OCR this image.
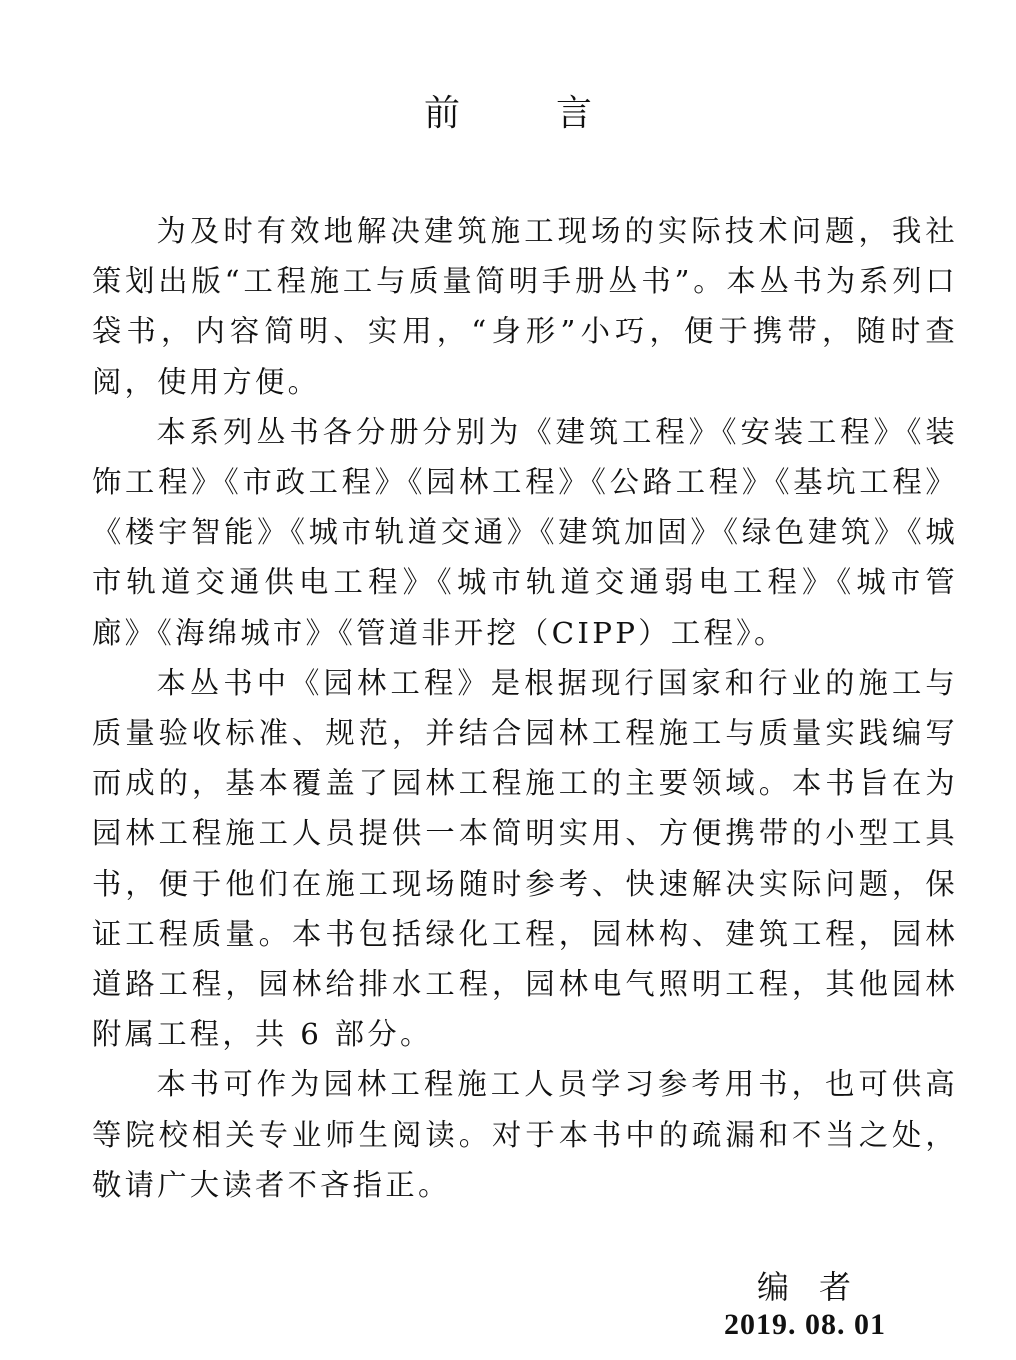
前	言

为及时有效地解决建筑施工现场的实际技术问题，我社策划出版“工程施工与质量简明手册丛书”。本丛书为系列口袋书，内容简明、实用，“身形”小巧，便于携带，随时查阅，使用方便。

本系列丛书各分册分别为《建筑工程》《安装工程》《装饰工程》《市政工程》《园林工程》《公路工程》《基坑工程》《楼宇智能》《城市轨道交通》《建筑加固》《绿色建筑》《城市轨道交通供电工程》《城市轨道交通弱电工程》《城市管廊》《海绵城市》《管道非开挖（CIPP）工程》。

本丛书中《园林工程》是根据现行国家和行业的施工与质量验收标准、规范，并结合园林工程施工与质量实践编写而成的，基本覆盖了园林工程施工的主要领域。本书旨在为园林工程施工人员提供一本简明实用、方便携带的小型工具书，便于他们在施工现场随时参考、快速解决实际问题，保证工程质量。本书包括绿化工程，园林构、建筑工程，园林道路工程，园林给排水工程，园林电气照明工程，其他园林附属工程，共 6 部分。

本书可作为园林工程施工人员学习参考用书，也可供高等院校相关专业师生阅读。对于本书中的疏漏和不当之处，敬请广大读者不吝指正。

编者
2019. 08. 01
